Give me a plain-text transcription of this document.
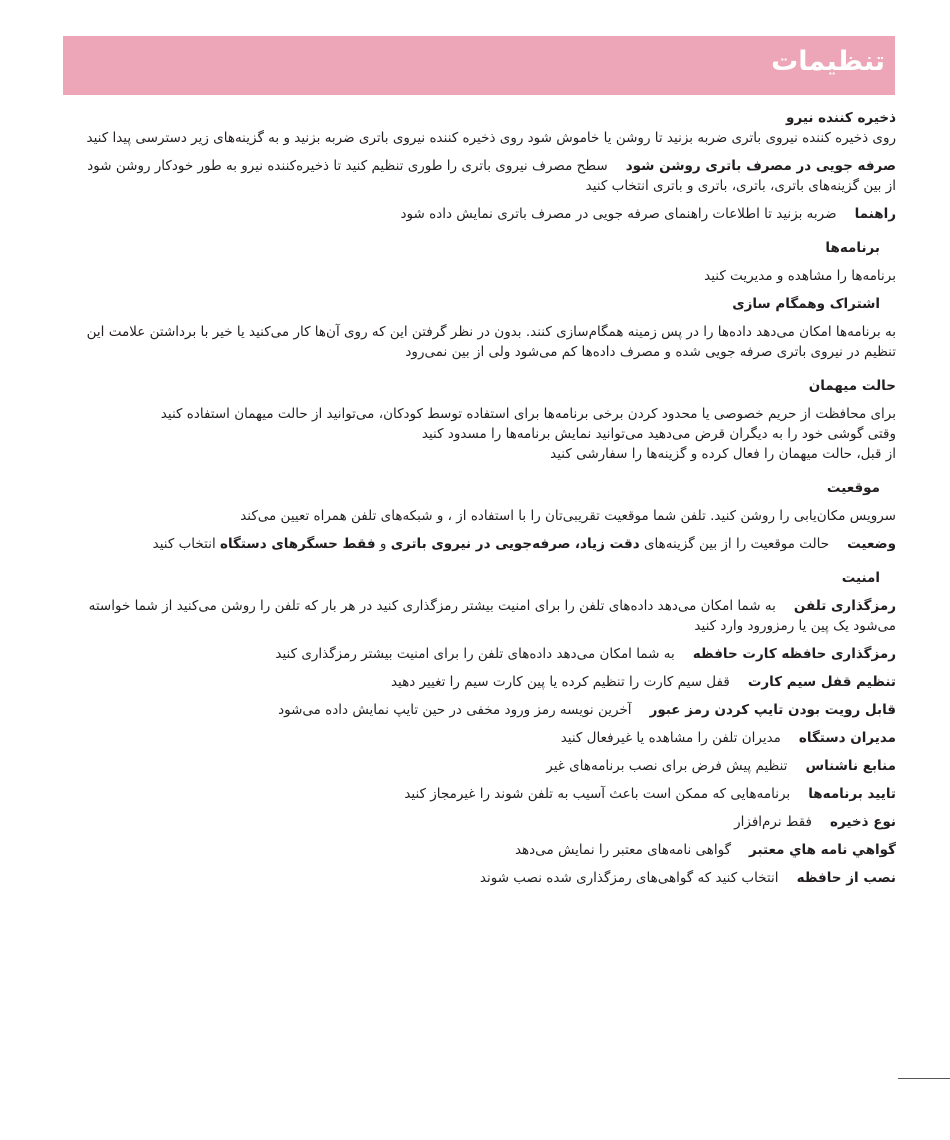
تنظیمات

ذخیره کننده نیرو

روی ذخیره کننده نیروی باتری ضربه بزنید تا روشن یا خاموش شود روی ذخیره کننده نیروی باتری ضربه بزنید و به گزینه‌های زیر دسترسی پیدا کنید

صرفه جویی در مصرف باتری روشن شودسطح مصرف نیروی باتری را طوری تنظیم کنید تا ذخیره‌کننده نیرو به طور خودکار روشن شود از بین گزینه‌های باتری، باتری، باتری و باتری انتخاب کنید

راهنماضربه بزنید تا اطلاعات راهنمای صرفه جویی در مصرف باتری نمایش داده شود

برنامه‌ها

برنامه‌ها را مشاهده و مدیریت کنید

اشتراک وهمگام سازی

به برنامه‌ها امکان می‌دهد داده‌ها را در پس زمینه همگام‌سازی کنند. بدون در نظر گرفتن این که روی آن‌ها کار می‌کنید یا خیر با برداشتن علامت این تنظیم در نیروی باتری صرفه جویی شده و مصرف داده‌ها کم می‌شود ولی از بین نمی‌رود

حالت میهمان

برای محافظت از حریم خصوصی یا محدود کردن برخی برنامه‌ها برای استفاده توسط کودکان، می‌توانید از حالت میهمان استفاده کنید

وقتی گوشی خود را به دیگران قرض می‌دهید می‌توانید نمایش برنامه‌ها را مسدود کنید

از قبل، حالت میهمان را فعال کرده و گزینه‌ها را سفارشی کنید

موقعیت

سرویس مکان‌یابی را روشن کنید. تلفن شما موقعیت تقریبی‌تان را با استفاده از ، و شبکه‌های تلفن همراه تعیین می‌کند

وضعیتحالت موقعیت را از بین گزینه‌های دقت زیاد، صرفه‌جویی در نیروی باتری و فقط حسگرهای دستگاه انتخاب کنید

امنیت

رمزگذاری تلفنبه شما امکان می‌دهد داده‌های تلفن را برای امنیت بیشتر رمزگذاری کنید در هر بار که تلفن را روشن می‌کنید از شما خواسته می‌شود یک پین یا رمزورود وارد کنید

رمزگذاری حافظه کارت حافظهبه شما امکان می‌دهد داده‌های تلفن را برای امنیت بیشتر رمزگذاری کنید

تنظیم قفل سیم کارتقفل سیم کارت را تنظیم کرده یا پین کارت سیم را تغییر دهید

قابل رویت بودن تایپ کردن رمز عبورآخرین نویسه رمز ورود مخفی در حین تایپ نمایش داده می‌شود

مدیران دستگاهمدیران تلفن را مشاهده یا غیرفعال کنید

منابع ناشناستنظیم پیش فرض برای نصب برنامه‌های غیر

تایید برنامه‌هابرنامه‌هایی که ممکن است باعث آسیب به تلفن شوند را غیرمجاز کنید

نوع ذخیرهفقط نرم‌افزار

گواهي نامه هاي معتبرگواهی نامه‌های معتبر را نمایش می‌دهد

نصب از حافظهانتخاب کنید که گواهی‌های رمزگذاری شده نصب شوند
